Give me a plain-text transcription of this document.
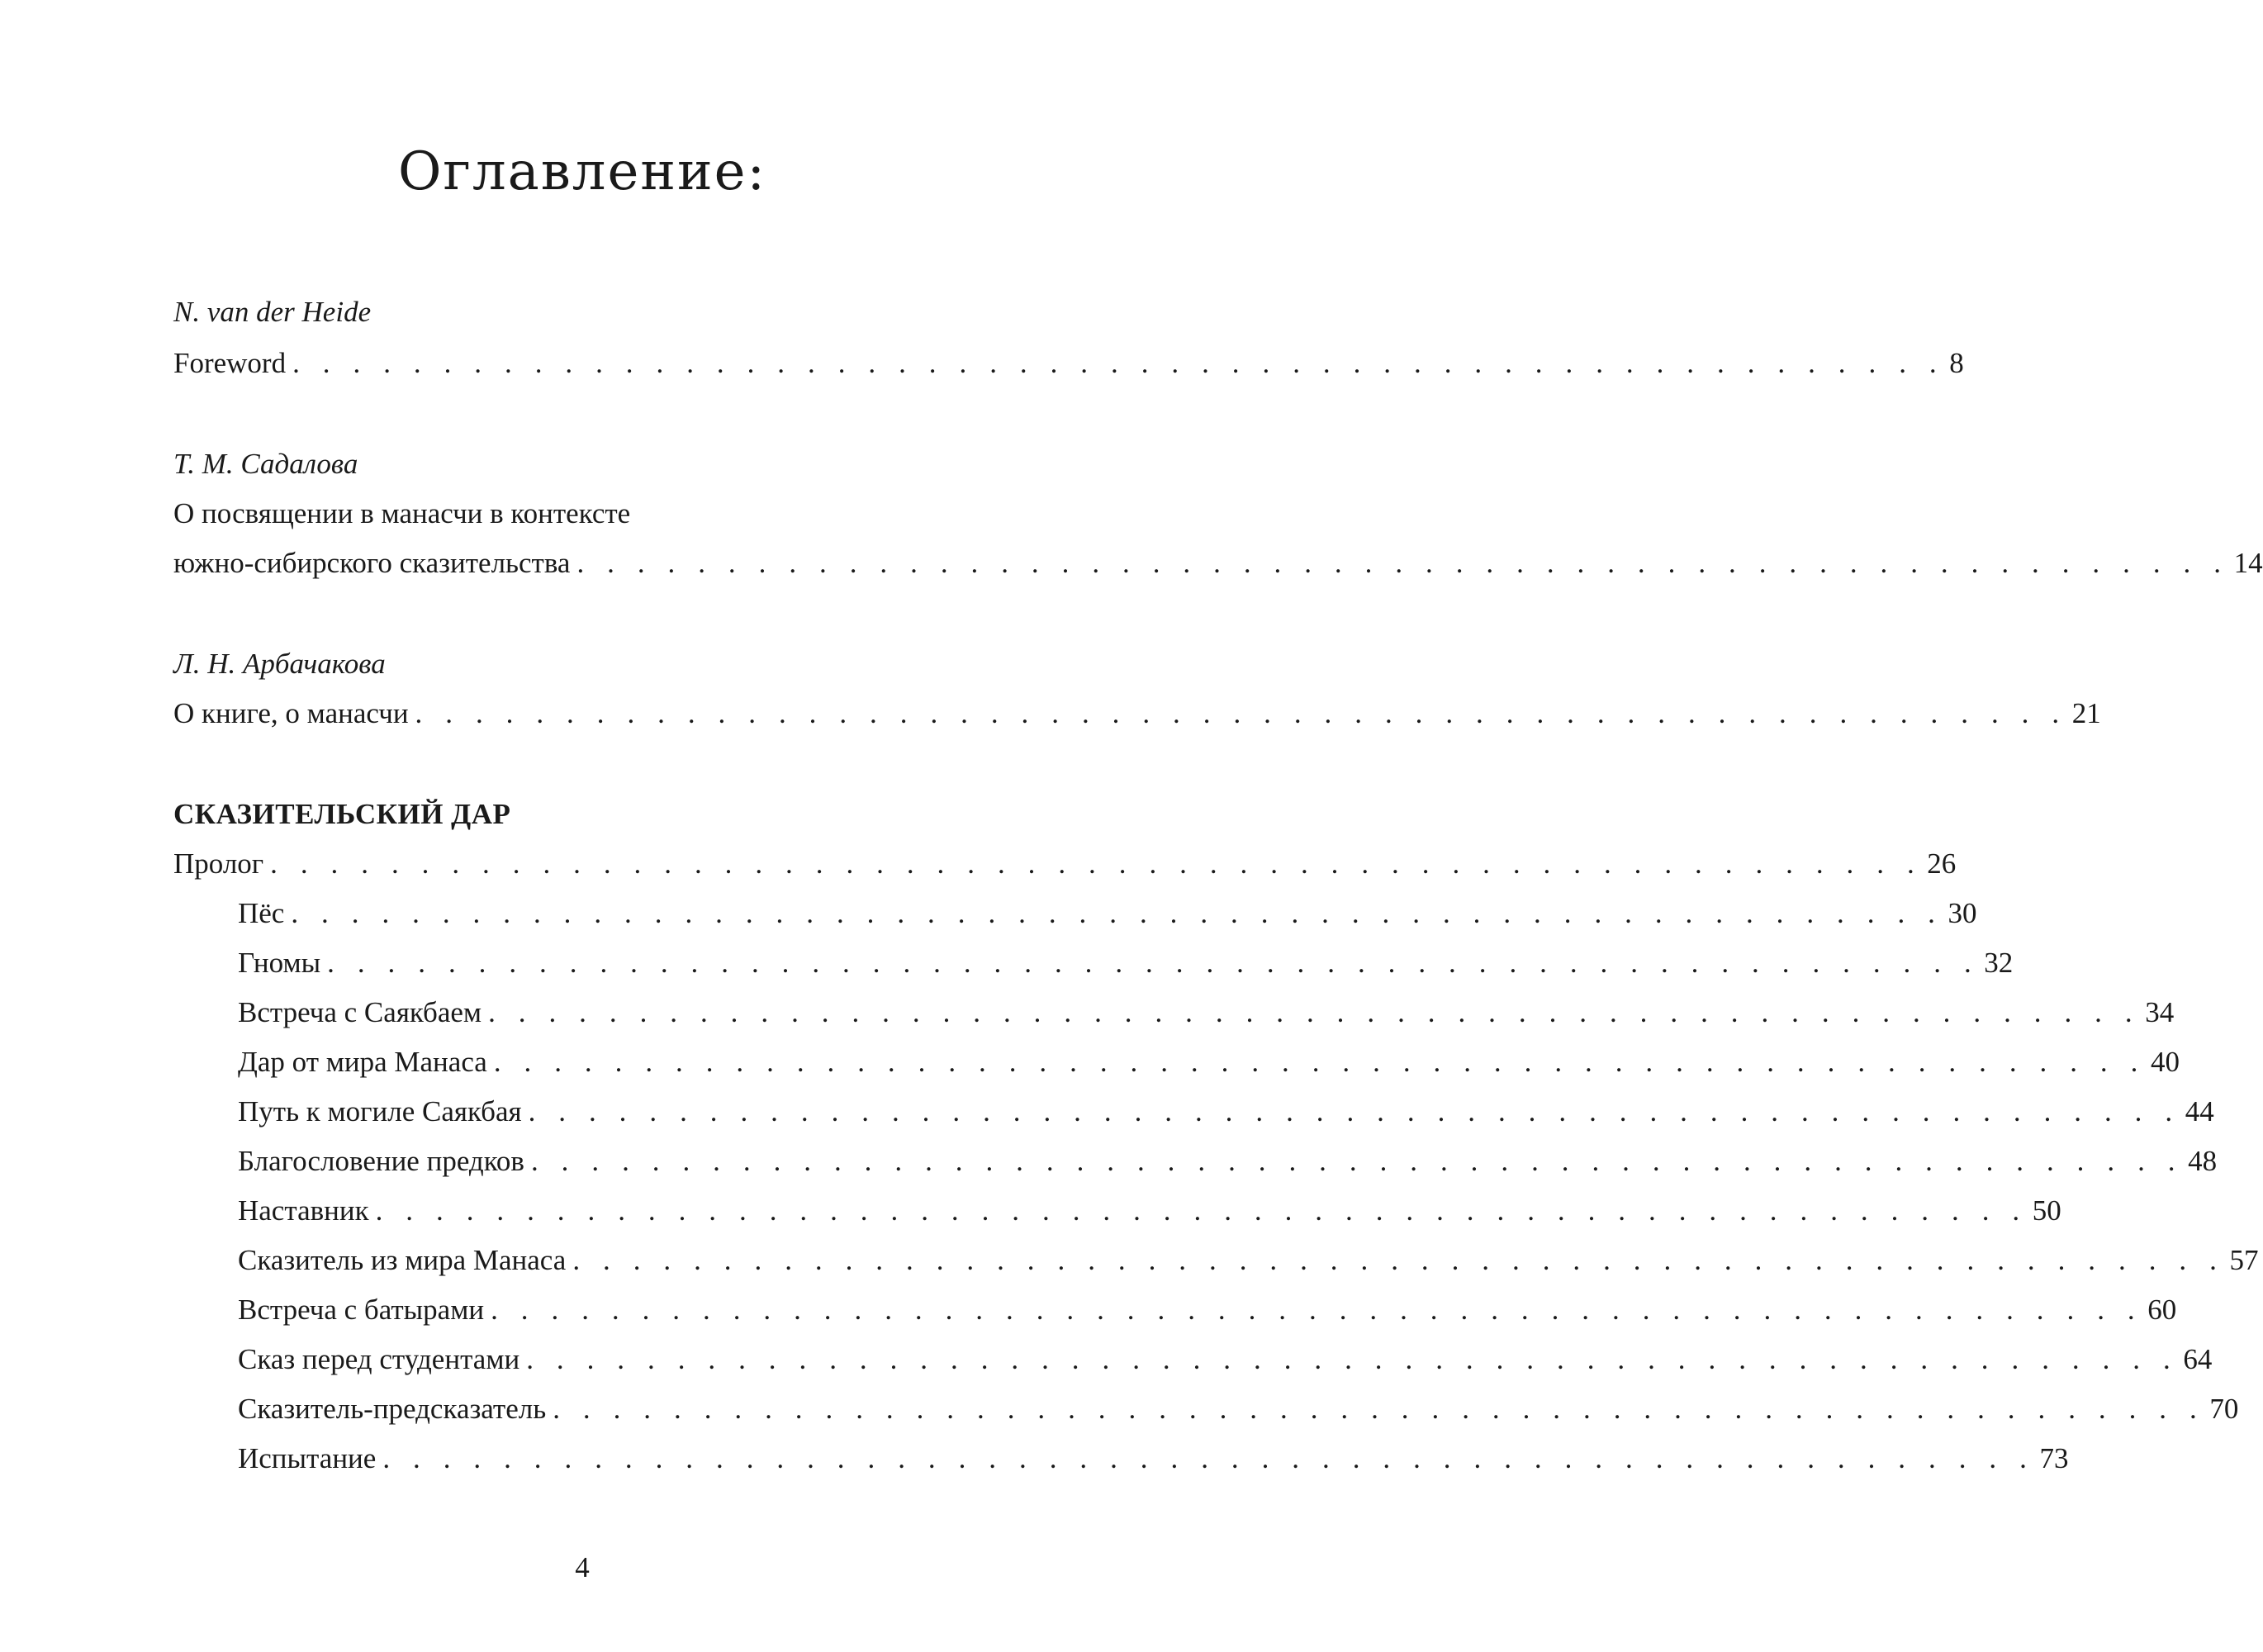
Оглавление:
N. van der Heide
Foreword . . . . . . . . . . . . . . . . . . . . . . . . . . . . . . . . . . . . . . . . . . . . . . . . . . . . . . . 8
Т. М. Садалова
О посвящении в манасчи в контексте
южно-сибирского сказительства . . . . . . . . . . . . . . . . . . . . . . . . . . . . . . . . . . . . . . . . . . . . . . . . . . . . . . . 14
Л. Н. Арбачакова
О книге, о манасчи . . . . . . . . . . . . . . . . . . . . . . . . . . . . . . . . . . . . . . . . . . . . . . . . . . . . . . . 21
СКАЗИТЕЛЬСКИЙ ДАР
Пролог . . . . . . . . . . . . . . . . . . . . . . . . . . . . . . . . . . . . . . . . . . . . . . . . . . . . . . . 26
Пёс . . . . . . . . . . . . . . . . . . . . . . . . . . . . . . . . . . . . . . . . . . . . . . . . . . . . . . . 30
Гномы . . . . . . . . . . . . . . . . . . . . . . . . . . . . . . . . . . . . . . . . . . . . . . . . . . . . . . . 32
Встреча с Саякбаем . . . . . . . . . . . . . . . . . . . . . . . . . . . . . . . . . . . . . . . . . . . . . . . . . . . . . . . 34
Дар от мира Манаса . . . . . . . . . . . . . . . . . . . . . . . . . . . . . . . . . . . . . . . . . . . . . . . . . . . . . . . 40
Путь к могиле Саякбая . . . . . . . . . . . . . . . . . . . . . . . . . . . . . . . . . . . . . . . . . . . . . . . . . . . . . . . 44
Благословение предков . . . . . . . . . . . . . . . . . . . . . . . . . . . . . . . . . . . . . . . . . . . . . . . . . . . . . . . 48
Наставник . . . . . . . . . . . . . . . . . . . . . . . . . . . . . . . . . . . . . . . . . . . . . . . . . . . . . . . 50
Сказитель из мира Манаса . . . . . . . . . . . . . . . . . . . . . . . . . . . . . . . . . . . . . . . . . . . . . . . . . . . . . . . 57
Встреча с батырами . . . . . . . . . . . . . . . . . . . . . . . . . . . . . . . . . . . . . . . . . . . . . . . . . . . . . . . 60
Сказ перед студентами . . . . . . . . . . . . . . . . . . . . . . . . . . . . . . . . . . . . . . . . . . . . . . . . . . . . . . . 64
Сказитель-предсказатель . . . . . . . . . . . . . . . . . . . . . . . . . . . . . . . . . . . . . . . . . . . . . . . . . . . . . . . 70
Испытание . . . . . . . . . . . . . . . . . . . . . . . . . . . . . . . . . . . . . . . . . . . . . . . . . . . . . . . 73
4
